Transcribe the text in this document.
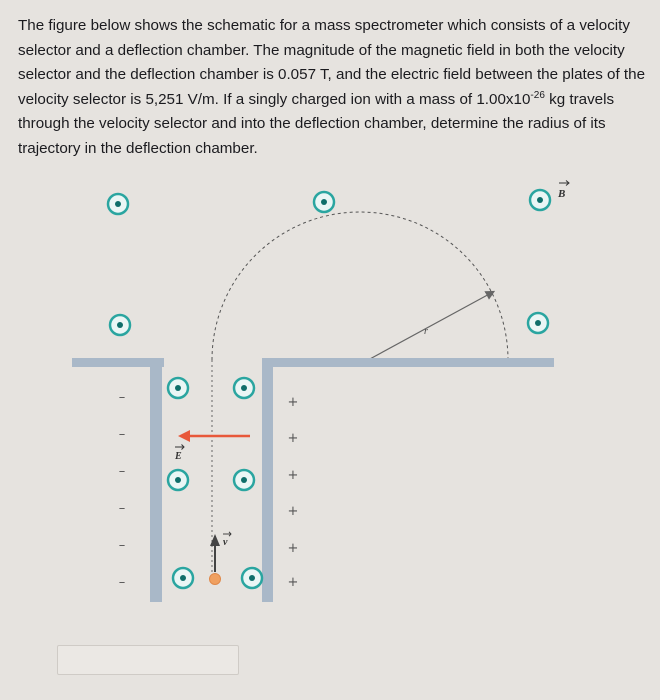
The figure below shows the schematic for a mass spectrometer which consists of a velocity selector and a deflection chamber. The magnitude of the magnetic field in both the velocity selector and the deflection chamber is 0.057 T, and the electric field between the plates of the velocity selector is 5,251 V/m. If a singly charged ion with a mass of $1.00x10^{-26}$ kg travels through the velocity selector and into the deflection chamber, determine the radius of its trajectory in the deflection chamber.

r
–
–
–
–
–
–
+
+
+
+
+
+
B
E
v
